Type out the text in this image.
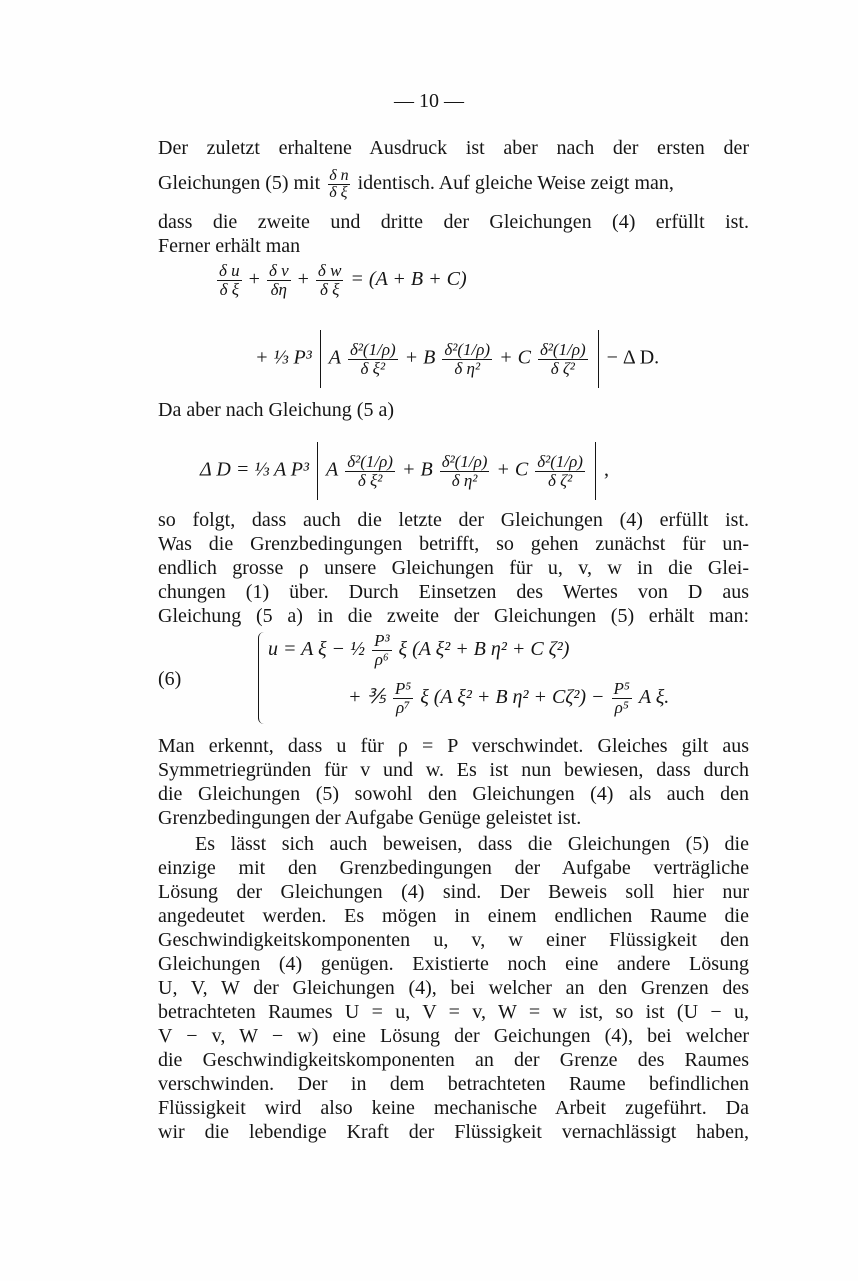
— 10 —
Der zuletzt erhaltene Ausdruck ist aber nach der ersten der
Gleichungen (5) mit $\frac{\text{δ n}}{\text{δ ξ}}$ identisch. Auf gleiche Weise zeigt man,
dass die zweite und dritte der Gleichungen (4) erfüllt ist.
Ferner erhält man
$\frac{\text{δ u}}{\text{δ ξ}} + \frac{\text{δ v}}{\delta\eta} + \frac{\text{δ w}}{\text{δ ξ}} = (A + B + C)$
+ ⅓ P³ A $\frac{\text{δ²(1/ρ)}}{\text{δ ξ²}} + B \frac{\text{δ²(1/ρ)}}{\text{δ η²}} + C \frac{\text{δ²(1/ρ)}}{\text{δ ζ²}} - \Delta$ D.
Da aber nach Gleichung (5 a)
Δ D = ⅓ A P³ A $\frac{\text{δ²(1/ρ)}}{\text{δ ξ²}} + B \frac{\text{δ²(1/ρ)}}{\text{δ η²}} + C \frac{\text{δ²(1/ρ)}}{\text{δ ζ²}}$ ,
so folgt, dass auch die letzte der Gleichungen (4) erfüllt ist.
Was die Grenzbedingungen betrifft, so gehen zunächst für un-
endlich grosse ρ unsere Gleichungen für u, v, w in die Glei-
chungen (1) über. Durch Einsetzen des Wertes von D aus
Gleichung (5 a) in die zweite der Gleichungen (5) erhält man:
(6)
u = A ξ − ½ $\frac{\text{P³}}{\text{ρ⁶}}$ ξ (A ξ² + B η² + C ζ²)
+ ⅗ $\frac{\text{P⁵}}{\text{ρ⁷}}$ ξ (A ξ² + B $\eta^2 + C\zeta^2) - \frac{\text{P⁵}}{\text{ρ⁵}}$ A ξ.
Man erkennt, dass u für ρ = P verschwindet. Gleiches gilt aus
Symmetriegründen für v und w. Es ist nun bewiesen, dass durch
die Gleichungen (5) sowohl den Gleichungen (4) als auch den
Grenzbedingungen der Aufgabe Genüge geleistet ist.
Es lässt sich auch beweisen, dass die Gleichungen (5) die
einzige mit den Grenzbedingungen der Aufgabe verträgliche
Lösung der Gleichungen (4) sind. Der Beweis soll hier nur
angedeutet werden. Es mögen in einem endlichen Raume die
Geschwindigkeitskomponenten u, v, w einer Flüssigkeit den
Gleichungen (4) genügen. Existierte noch eine andere Lösung
U, V, W der Gleichungen (4), bei welcher an den Grenzen des
betrachteten Raumes U = u, V = v, W = w ist, so ist (U − u,
V − v, W − w) eine Lösung der Geichungen (4), bei welcher
die Geschwindigkeitskomponenten an der Grenze des Raumes
verschwinden. Der in dem betrachteten Raume befindlichen
Flüssigkeit wird also keine mechanische Arbeit zugeführt. Da
wir die lebendige Kraft der Flüssigkeit vernachlässigt haben,
